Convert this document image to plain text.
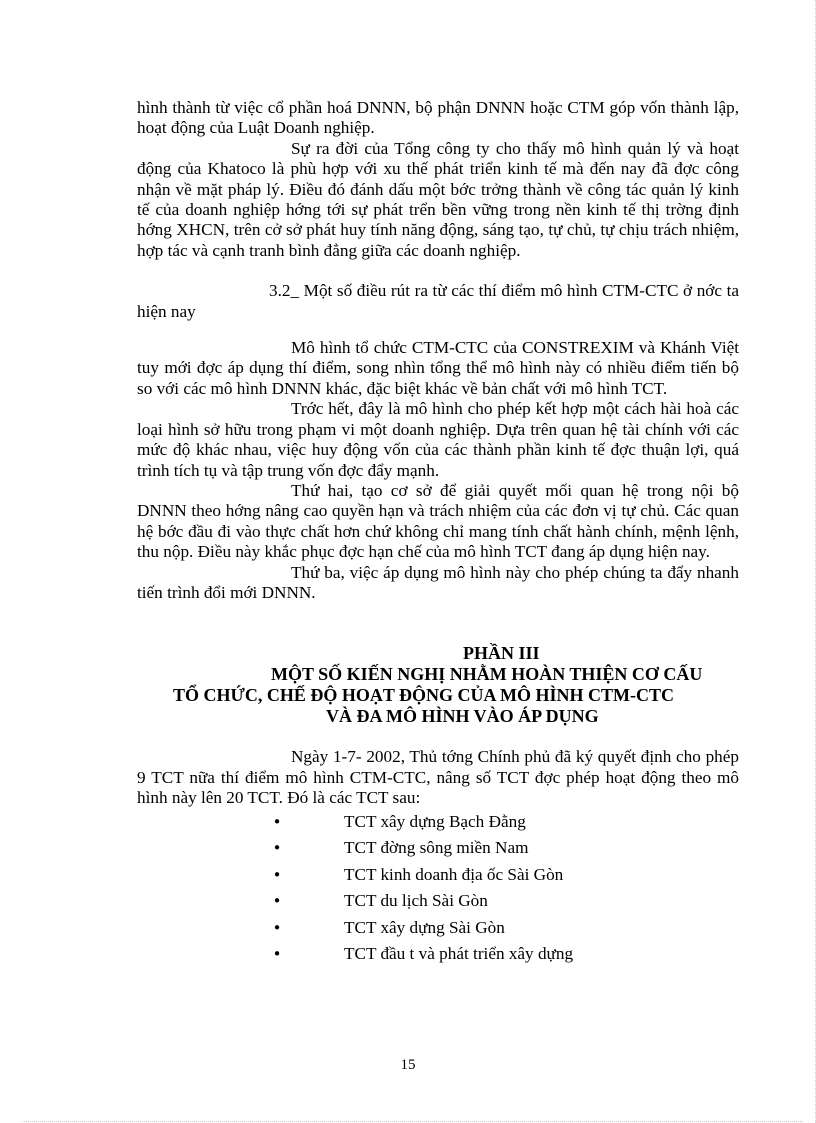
hình thành từ việc cổ phần hoá DNNN, bộ phận DNNN hoặc CTM góp vốn thành lập, hoạt động của Luật Doanh nghiệp.

Sự ra đời của Tổng công ty cho thấy mô hình quản lý và hoạt động của Khatoco là phù hợp với xu thế phát triển kinh tế mà đến nay đã đợc công nhận về mặt pháp lý. Điều đó đánh dấu một bớc trởng thành về công tác quản lý kinh tế của doanh nghiệp hớng tới sự phát trển bền vững trong nền kinh tế thị trờng định hớng XHCN, trên cở sở phát huy tính năng động, sáng tạo, tự chủ, tự chịu trách nhiệm, hợp tác và cạnh tranh bình đẳng giữa các doanh nghiệp.

3.2_ Một số điều rút ra từ các thí điểm mô hình CTM-CTC ở nớc ta hiện nay

Mô hình tổ chức CTM-CTC của CONSTREXIM và Khánh Việt tuy mới đợc áp dụng thí điểm, song nhìn tổng thể mô hình này có nhiều điểm tiến bộ so với các mô hình DNNN khác, đặc biệt khác về bản chất với mô hình TCT.

Trớc hết, đây là mô hình cho phép kết hợp một cách hài hoà các loại hình sở hữu trong phạm vi một doanh nghiệp. Dựa trên quan hệ tài chính với các mức độ khác nhau, việc huy động vốn của các thành phần kinh tế đợc thuận lợi, quá trình tích tụ và tập trung vốn đợc đẩy mạnh.

Thứ hai, tạo cơ sở để giải quyết mối quan hệ trong nội bộ DNNN theo hớng nâng cao quyền hạn và trách nhiệm của các đơn vị tự chủ. Các quan hệ bớc đầu đi vào thực chất hơn chứ không chỉ mang tính chất hành chính, mệnh lệnh, thu nộp. Điều này khắc phục đợc hạn chế của mô hình TCT đang áp dụng hiện nay.

Thứ ba, việc áp dụng mô hình này cho phép chúng ta đẩy nhanh tiến trình đổi mới DNNN.

PHẦN III
MỘT SỐ KIẾN NGHỊ NHẰM HOÀN THIỆN CƠ CẤU
TỔ CHỨC, CHẾ ĐỘ HOẠT ĐỘNG CỦA MÔ HÌNH CTM-CTC
VÀ ĐA MÔ HÌNH VÀO ÁP DỤNG

Ngày 1-7- 2002, Thủ tớng Chính phủ đã ký quyết định cho phép 9 TCT nữa thí điểm mô hình CTM-CTC, nâng số TCT đợc phép hoạt động theo mô hình này lên 20 TCT. Đó là các TCT sau:

•	TCT xây dựng Bạch Đằng
•	TCT đờng sông miền Nam
•	TCT kinh doanh địa ốc Sài Gòn
•	TCT du lịch Sài Gòn
•	TCT xây dựng Sài Gòn
•	TCT đầu t và phát triển xây dựng
15
